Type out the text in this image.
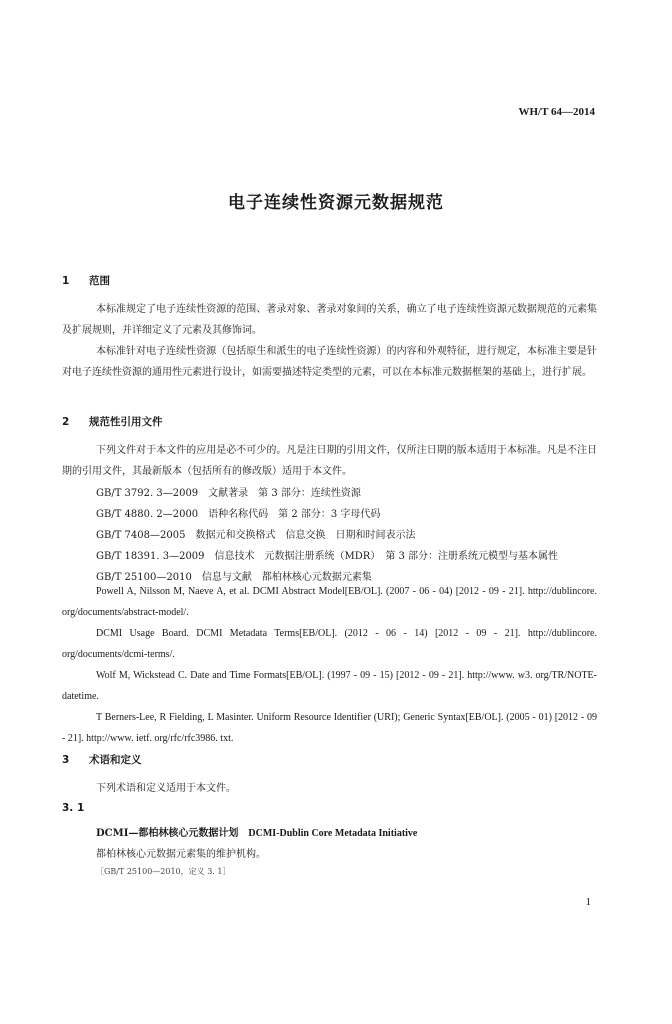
WH/T 64—2014
电子连续性资源元数据规范
1 范围

本标准规定了电子连续性资源的范围、著录对象、著录对象间的关系，确立了电子连续性资源元数据规范的元素集及扩展规则，并详细定义了元素及其修饰词。

本标准针对电子连续性资源（包括原生和派生的电子连续性资源）的内容和外观特征，进行规定，本标准主要是针对电子连续性资源的通用性元素进行设计，如需要描述特定类型的元素，可以在本标准元数据框架的基础上，进行扩展。

2 规范性引用文件

下列文件对于本文件的应用是必不可少的。凡是注日期的引用文件，仅所注日期的版本适用于本标准。凡是不注日期的引用文件，其最新版本（包括所有的修改版）适用于本文件。

GB/T 3792. 3—2009　文献著录　第 3 部分：连续性资源
GB/T 4880. 2—2000　语种名称代码　第 2 部分：3 字母代码
GB/T 7408—2005　数据元和交换格式　信息交换　日期和时间表示法
GB/T 18391. 3—2009　信息技术　元数据注册系统（MDR）　第 3 部分：注册系统元模型与基本属性
GB/T 25100—2010　信息与文献　都柏林核心元数据元素集

Powell A, Nilsson M, Naeve A, et al. DCMI Abstract Model[EB/OL]. (2007 - 06 - 04) [2012 - 09 - 21]. http://dublincore. org/documents/abstract-model/.

DCMI Usage Board. DCMI Metadata Terms[EB/OL]. (2012 - 06 - 14) [2012 - 09 - 21]. http://dublincore. org/documents/dcmi-terms/.

Wolf M, Wickstead C. Date and Time Formats[EB/OL]. (1997 - 09 - 15) [2012 - 09 - 21]. http://www. w3. org/TR/NOTE-datetime.

T Berners-Lee, R Fielding, L Masinter. Uniform Resource Identifier (URI); Generic Syntax[EB/OL]. (2005 - 01) [2012 - 09 - 21]. http://www. ietf. org/rfc/rfc3986. txt.

3 术语和定义
下列术语和定义适用于本文件。
3. 1
DCMI—都柏林核心元数据计划 DCMI-Dublin Core Metadata Initiative
都柏林核心元数据元素集的维护机构。
［GB/T 25100—2010，定义 3. 1］
1
